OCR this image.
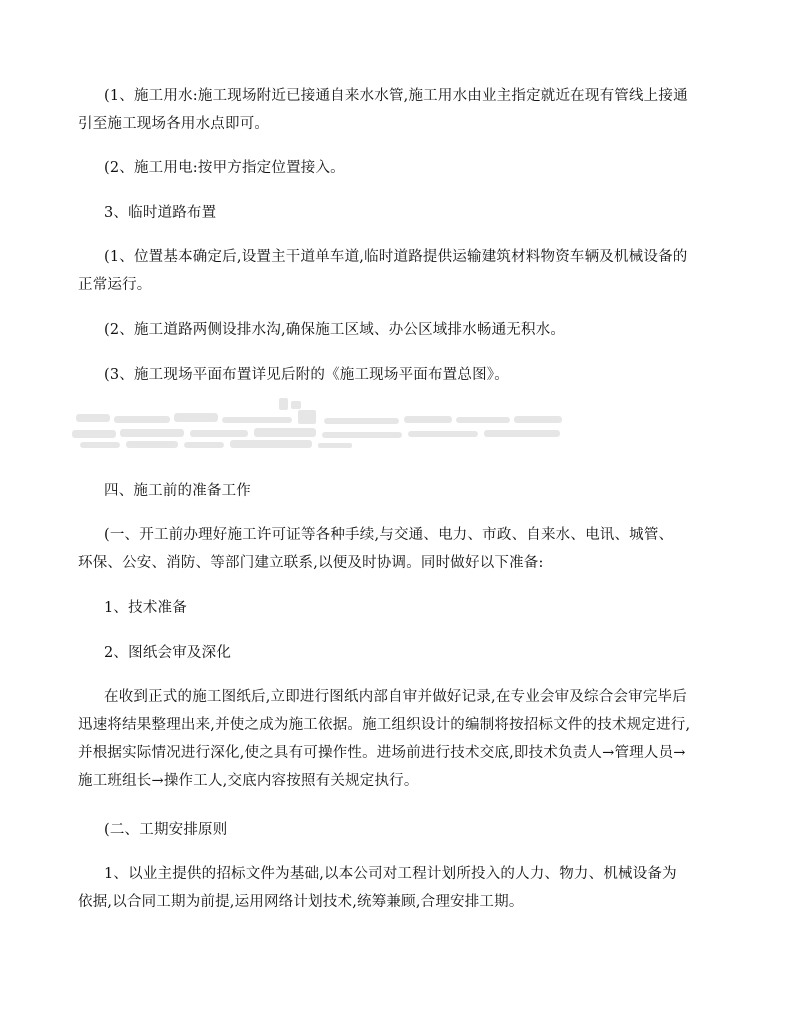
(1、施工用水:施工现场附近已接通自来水水管,施工用水由业主指定就近在现有管线上接通
引至施工现场各用水点即可。
(2、施工用电:按甲方指定位置接入。
3、临时道路布置
(1、位置基本确定后,设置主干道单车道,临时道路提供运输建筑材料物资车辆及机械设备的
正常运行。
(2、施工道路两侧设排水沟,确保施工区域、办公区域排水畅通无积水。
(3、施工现场平面布置详见后附的《施工现场平面布置总图》。
四、施工前的准备工作
(一、开工前办理好施工许可证等各种手续,与交通、电力、市政、自来水、电讯、城管、
环保、公安、消防、等部门建立联系,以便及时协调。同时做好以下准备:
1、技术准备
2、图纸会审及深化
在收到正式的施工图纸后,立即进行图纸内部自审并做好记录,在专业会审及综合会审完毕后
迅速将结果整理出来,并使之成为施工依据。施工组织设计的编制将按招标文件的技术规定进行,
并根据实际情况进行深化,使之具有可操作性。进场前进行技术交底,即技术负责人→管理人员→
施工班组长→操作工人,交底内容按照有关规定执行。
(二、工期安排原则
1、以业主提供的招标文件为基础,以本公司对工程计划所投入的人力、物力、机械设备为
依据,以合同工期为前提,运用网络计划技术,统筹兼顾,合理安排工期。
